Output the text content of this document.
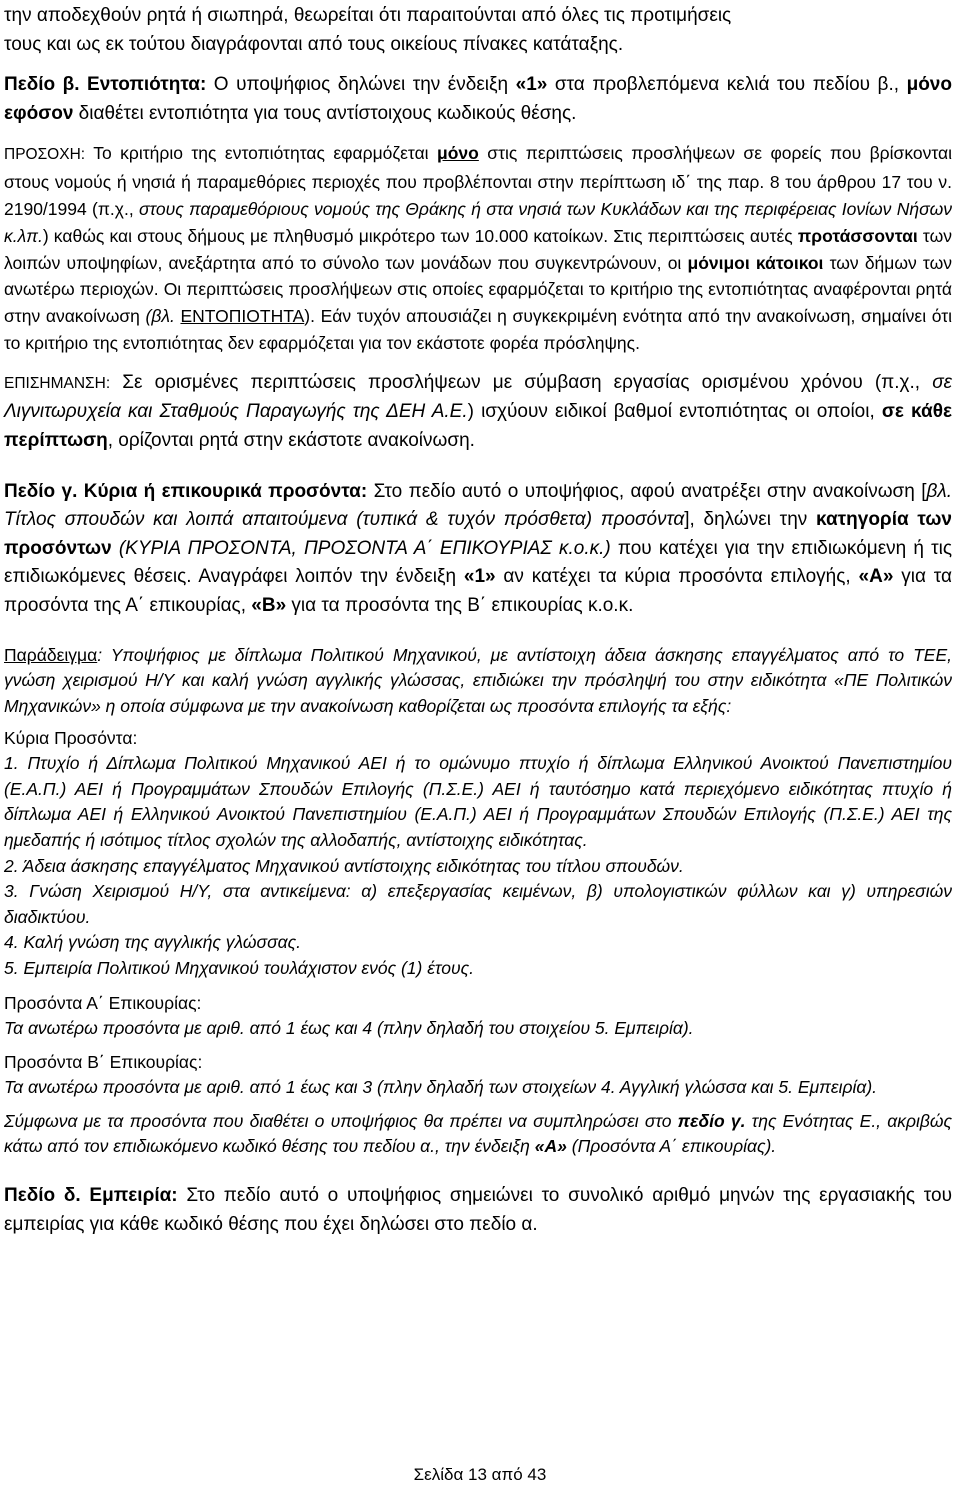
την αποδεχθούν ρητά ή σιωπηρά, θεωρείται ότι παραιτούνται από όλες τις προτιμήσεις
τους και ως εκ τούτου διαγράφονται από τους οικείους πίνακες κατάταξης.

Πεδίο β. Εντοπιότητα: Ο υποψήφιος δηλώνει την ένδειξη «1» στα προβλεπόμενα κελιά του πεδίου β., μόνο εφόσον διαθέτει εντοπιότητα για τους αντίστοιχους κωδικούς θέσης.

ΠΡΟΣΟΧΗ: Το κριτήριο της εντοπιότητας εφαρμόζεται μόνο στις περιπτώσεις προσλήψεων σε φορείς που βρίσκονται στους νομούς ή νησιά ή παραμεθόριες περιοχές που προβλέπονται στην περίπτωση ιδ΄ της παρ. 8 του άρθρου 17 του ν. 2190/1994 (π.χ., στους παραμεθόριους νομούς της Θράκης ή στα νησιά των Κυκλάδων και της περιφέρειας Ιονίων Νήσων κ.λπ.) καθώς και στους δήμους με πληθυσμό μικρότερο των 10.000 κατοίκων. Στις περιπτώσεις αυτές προτάσσονται των λοιπών υποψηφίων, ανεξάρτητα από το σύνολο των μονάδων που συγκεντρώνουν, οι μόνιμοι κάτοικοι των δήμων των ανωτέρω περιοχών. Οι περιπτώσεις προσλήψεων στις οποίες εφαρμόζεται το κριτήριο της εντοπιότητας αναφέρονται ρητά στην ανακοίνωση (βλ. ΕΝΤΟΠΙΟΤΗΤΑ). Εάν τυχόν απουσιάζει η συγκεκριμένη ενότητα από την ανακοίνωση, σημαίνει ότι το κριτήριο της εντοπιότητας δεν εφαρμόζεται για τον εκάστοτε φορέα πρόσληψης.

ΕΠΙΣΗΜΑΝΣΗ: Σε ορισμένες περιπτώσεις προσλήψεων με σύμβαση εργασίας ορισμένου χρόνου (π.χ., σε Λιγνιτωρυχεία και Σταθμούς Παραγωγής της ΔΕΗ Α.Ε.) ισχύουν ειδικοί βαθμοί εντοπιότητας οι οποίοι, σε κάθε περίπτωση, ορίζονται ρητά στην εκάστοτε ανακοίνωση.

Πεδίο γ. Κύρια ή επικουρικά προσόντα: Στο πεδίο αυτό ο υποψήφιος, αφού ανατρέξει στην ανακοίνωση [βλ. Τίτλος σπουδών και λοιπά απαιτούμενα (τυπικά & τυχόν πρόσθετα) προσόντα], δηλώνει την κατηγορία των προσόντων (ΚΥΡΙΑ ΠΡΟΣΟΝΤΑ, ΠΡΟΣΟΝΤΑ Α΄ ΕΠΙΚΟΥΡΙΑΣ κ.ο.κ.) που κατέχει για την επιδιωκόμενη ή τις επιδιωκόμενες θέσεις. Αναγράφει λοιπόν την ένδειξη «1» αν κατέχει τα κύρια προσόντα επιλογής, «Α» για τα προσόντα της Α΄ επικουρίας, «Β» για τα προσόντα της Β΄ επικουρίας κ.ο.κ.

Παράδειγμα: Υποψήφιος με δίπλωμα Πολιτικού Μηχανικού, με αντίστοιχη άδεια άσκησης επαγγέλματος από το ΤΕΕ, γνώση χειρισμού Η/Υ και καλή γνώση αγγλικής γλώσσας, επιδιώκει την πρόσληψή του στην ειδικότητα «ΠΕ Πολιτικών Μηχανικών» η οποία σύμφωνα με την ανακοίνωση καθορίζεται ως προσόντα επιλογής τα εξής:

Κύρια Προσόντα:

1. Πτυχίο ή Δίπλωμα Πολιτικού Μηχανικού ΑΕΙ ή το ομώνυμο πτυχίο ή δίπλωμα Ελληνικού Ανοικτού Πανεπιστημίου (Ε.Α.Π.) ΑΕΙ ή Προγραμμάτων Σπουδών Επιλογής (Π.Σ.Ε.) ΑΕΙ ή ταυτόσημο κατά περιεχόμενο ειδικότητας πτυχίο ή δίπλωμα ΑΕΙ ή Ελληνικού Ανοικτού Πανεπιστημίου (Ε.Α.Π.) ΑΕΙ ή Προγραμμάτων Σπουδών Επιλογής (Π.Σ.Ε.) ΑΕΙ της ημεδαπής ή ισότιμος τίτλος σχολών της αλλοδαπής, αντίστοιχης ειδικότητας.

2. Άδεια άσκησης επαγγέλματος Μηχανικού αντίστοιχης ειδικότητας του τίτλου σπουδών.

3. Γνώση Χειρισμού Η/Υ, στα αντικείμενα: α) επεξεργασίας κειμένων, β) υπολογιστικών φύλλων και γ) υπηρεσιών διαδικτύου.

4. Καλή γνώση της αγγλικής γλώσσας.

5. Εμπειρία Πολιτικού Μηχανικού τουλάχιστον ενός (1) έτους.

Προσόντα Α΄ Επικουρίας:

Τα ανωτέρω προσόντα με αριθ. από 1 έως και 4 (πλην δηλαδή του στοιχείου 5. Εμπειρία).

Προσόντα Β΄ Επικουρίας:

Τα ανωτέρω προσόντα με αριθ. από 1 έως και 3 (πλην δηλαδή των στοιχείων 4. Αγγλική γλώσσα και 5. Εμπειρία).

Σύμφωνα με τα προσόντα που διαθέτει ο υποψήφιος θα πρέπει να συμπληρώσει στο πεδίο γ. της Ενότητας Ε., ακριβώς κάτω από τον επιδιωκόμενο κωδικό θέσης του πεδίου α., την ένδειξη «Α» (Προσόντα Α΄ επικουρίας).

Πεδίο δ. Εμπειρία: Στο πεδίο αυτό ο υποψήφιος σημειώνει το συνολικό αριθμό μηνών της εργασιακής του εμπειρίας για κάθε κωδικό θέσης που έχει δηλώσει στο πεδίο α.

Σελίδα 13 από 43
